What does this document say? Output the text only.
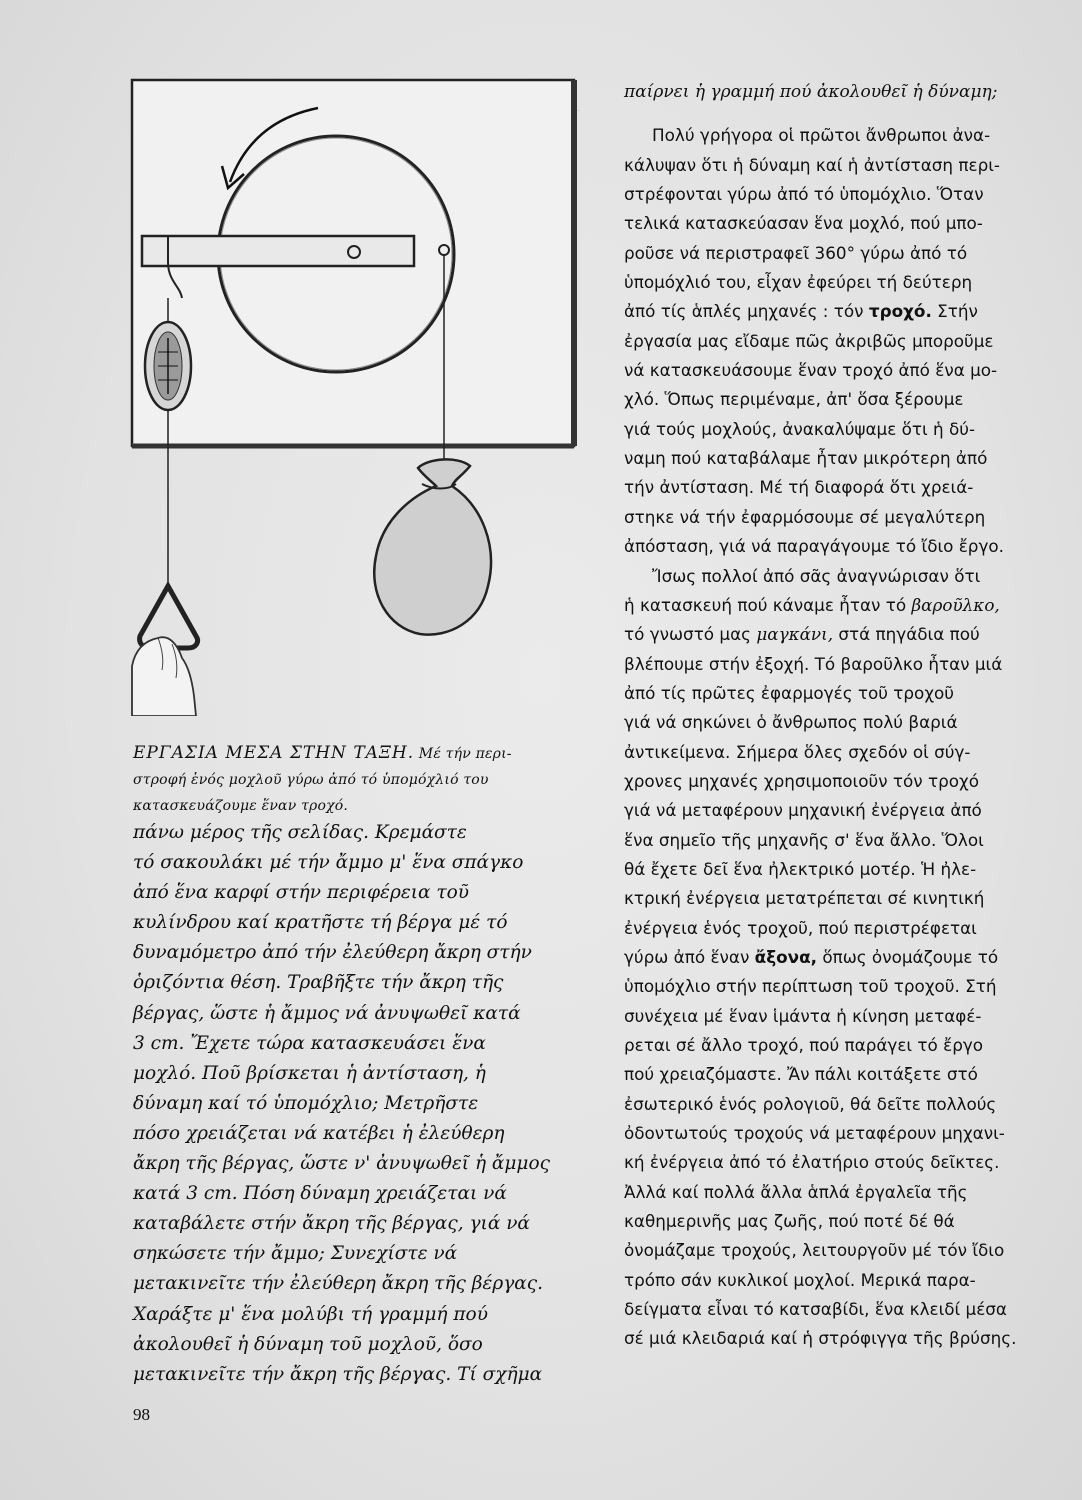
ΕΡΓΑΣΙΑ ΜΕΣΑ ΣΤΗΝ ΤΑΞΗ. Μέ τήν περι-
στροφή ἑνός μοχλοῦ γύρω ἀπό τό ὑπομόχλιό του
κατασκευάζουμε ἕναν τροχό.

πάνω μέρος τῆς σελίδας. Κρεμάστε

τό σακουλάκι μέ τήν ἄμμο μ' ἕνα σπάγκο

ἀπό ἕνα καρφί στήν περιφέρεια τοῦ

κυλίνδρου καί κρατῆστε τή βέργα μέ τό

δυναμόμετρο ἀπό τήν ἐλεύθερη ἄκρη στήν

ὁριζόντια θέση. Τραβῆξτε τήν ἄκρη τῆς

βέργας, ὥστε ἡ ἄμμος νά ἀνυψωθεῖ κατά

3 cm. Ἔχετε τώρα κατασκευάσει ἕνα

μοχλό. Ποῦ βρίσκεται ἡ ἀντίσταση, ἡ

δύναμη καί τό ὑπομόχλιο; Μετρῆστε

πόσο χρειάζεται νά κατέβει ἡ ἐλεύθερη

ἄκρη τῆς βέργας, ὥστε ν' ἀνυψωθεῖ ἡ ἄμμος

κατά 3 cm. Πόση δύναμη χρειάζεται νά

καταβάλετε στήν ἄκρη τῆς βέργας, γιά νά

σηκώσετε τήν ἄμμο; Συνεχίστε νά

μετακινεῖτε τήν ἐλεύθερη ἄκρη τῆς βέργας.

Χαράξτε μ' ἕνα μολύβι τή γραμμή πού

ἀκολουθεῖ ἡ δύναμη τοῦ μοχλοῦ, ὅσο

μετακινεῖτε τήν ἄκρη τῆς βέργας. Τί σχῆμα

παίρνει ἡ γραμμή πού ἀκολουθεῖ ἡ δύναμη;

Πολύ γρήγορα οἱ πρῶτοι ἄνθρωποι ἀνα-

κάλυψαν ὅτι ἡ δύναμη καί ἡ ἀντίσταση περι-

στρέφονται γύρω ἀπό τό ὑπομόχλιο. Ὅταν

τελικά κατασκεύασαν ἕνα μοχλό, πού μπο-

ροῦσε νά περιστραφεῖ 360° γύρω ἀπό τό

ὑπομόχλιό του, εἶχαν ἐφεύρει τή δεύτερη

ἀπό τίς ἁπλές μηχανές : τόν τροχό. Στήν

ἐργασία μας εἴδαμε πῶς ἀκριβῶς μποροῦμε

νά κατασκευάσουμε ἕναν τροχό ἀπό ἕνα μο-

χλό. Ὅπως περιμέναμε, ἀπ' ὅσα ξέρουμε

γιά τούς μοχλούς, ἀνακαλύψαμε ὅτι ἡ δύ-

ναμη πού καταβάλαμε ἦταν μικρότερη ἀπό

τήν ἀντίσταση. Μέ τή διαφορά ὅτι χρειά-

στηκε νά τήν ἐφαρμόσουμε σέ μεγαλύτερη

ἀπόσταση, γιά νά παραγάγουμε τό ἴδιο ἔργο.

Ἴσως πολλοί ἀπό σᾶς ἀναγνώρισαν ὅτι

ἡ κατασκευή πού κάναμε ἦταν τό βαροῦλκο,

τό γνωστό μας μαγκάνι, στά πηγάδια πού

βλέπουμε στήν ἐξοχή. Τό βαροῦλκο ἦταν μιά

ἀπό τίς πρῶτες ἐφαρμογές τοῦ τροχοῦ

γιά νά σηκώνει ὁ ἄνθρωπος πολύ βαριά

ἀντικείμενα. Σήμερα ὅλες σχεδόν οἱ σύγ-

χρονες μηχανές χρησιμοποιοῦν τόν τροχό

γιά νά μεταφέρουν μηχανική ἐνέργεια ἀπό

ἕνα σημεῖο τῆς μηχανῆς σ' ἕνα ἄλλο. Ὅλοι

θά ἔχετε δεῖ ἕνα ἠλεκτρικό μοτέρ. Ἡ ἠλε-

κτρική ἐνέργεια μετατρέπεται σέ κινητική

ἐνέργεια ἑνός τροχοῦ, πού περιστρέφεται

γύρω ἀπό ἕναν ἄξονα, ὅπως ὀνομάζουμε τό

ὑπομόχλιο στήν περίπτωση τοῦ τροχοῦ. Στή

συνέχεια μέ ἕναν ἱμάντα ἡ κίνηση μεταφέ-

ρεται σέ ἄλλο τροχό, πού παράγει τό ἔργο

πού χρειαζόμαστε. Ἄν πάλι κοιτάξετε στό

ἐσωτερικό ἑνός ρολογιοῦ, θά δεῖτε πολλούς

ὀδοντωτούς τροχούς νά μεταφέρουν μηχανι-

κή ἐνέργεια ἀπό τό ἐλατήριο στούς δεῖκτες.

Ἀλλά καί πολλά ἄλλα ἁπλά ἐργαλεῖα τῆς

καθημερινῆς μας ζωῆς, πού ποτέ δέ θά

ὀνομάζαμε τροχούς, λειτουργοῦν μέ τόν ἴδιο

τρόπο σάν κυκλικοί μοχλοί. Μερικά παρα-

δείγματα εἶναι τό κατσαβίδι, ἕνα κλειδί μέσα

σέ μιά κλειδαριά καί ἡ στρόφιγγα τῆς βρύσης.

98
